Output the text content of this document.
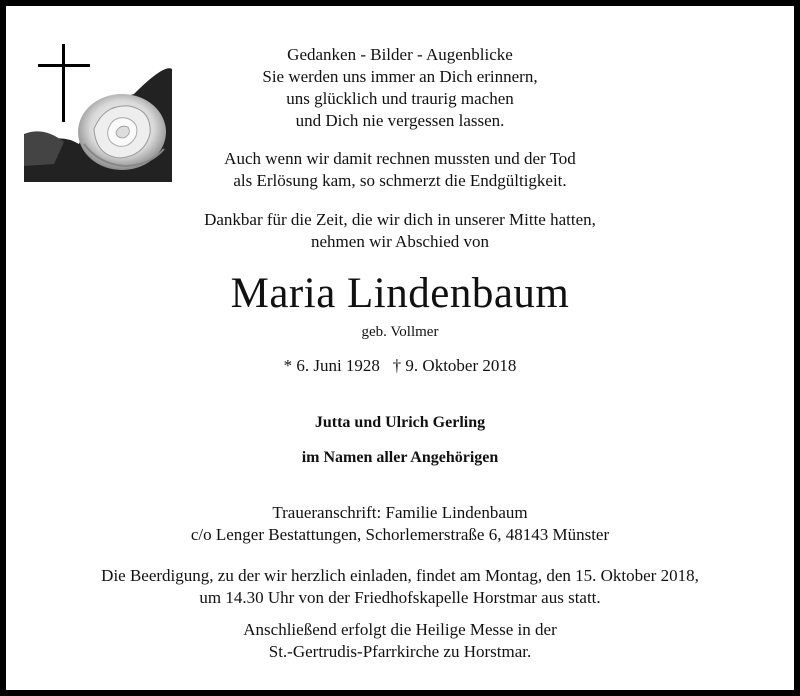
Gedanken - Bilder - Augenblicke
Sie werden uns immer an Dich erinnern,
uns glücklich und traurig machen
und Dich nie vergessen lassen.
Auch wenn wir damit rechnen mussten und der Tod
als Erlösung kam, so schmerzt die Endgültigkeit.
Dankbar für die Zeit, die wir dich in unserer Mitte hatten,
nehmen wir Abschied von
Maria Lindenbaum
geb. Vollmer
* 6. Juni 1928   † 9. Oktober 2018
Jutta und Ulrich Gerling
im Namen aller Angehörigen
Traueranschrift: Familie Lindenbaum
c/o Lenger Bestattungen, Schorlemerstraße 6, 48143 Münster
Die Beerdigung, zu der wir herzlich einladen, findet am Montag, den 15. Oktober 2018,
um 14.30 Uhr von der Friedhofskapelle Horstmar aus statt.
Anschließend erfolgt die Heilige Messe in der
St.-Gertrudis-Pfarrkirche zu Horstmar.
